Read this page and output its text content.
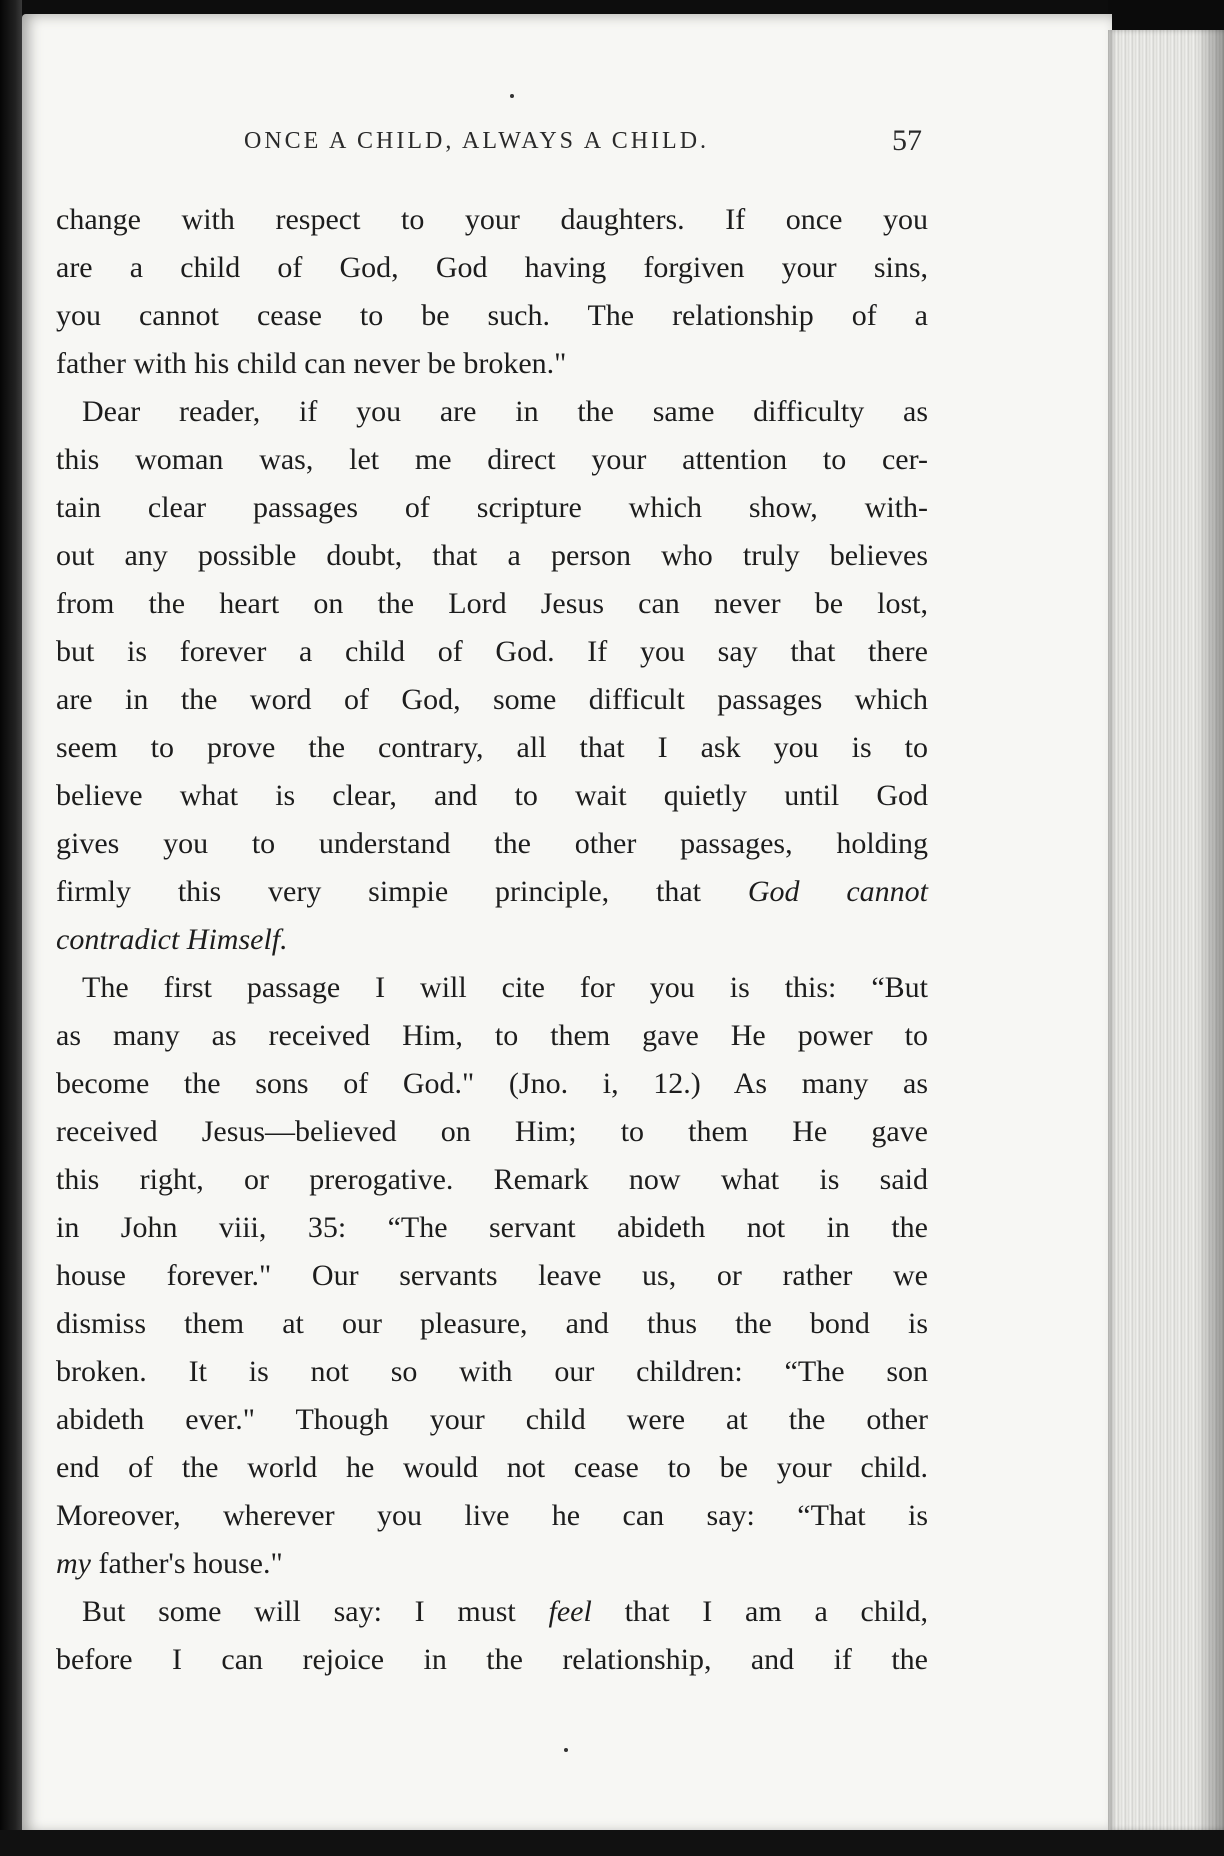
ONCE A CHILD, ALWAYS A CHILD.	57
change with respect to your daughters. If once you
are a child of God, God having forgiven your sins,
you cannot cease to be such. The relationship of a
father with his child can never be broken."
Dear reader, if you are in the same difficulty as
this woman was, let me direct your attention to cer-
tain clear passages of scripture which show, with-
out any possible doubt, that a person who truly believes
from the heart on the Lord Jesus can never be lost,
but is forever a child of God. If you say that there
are in the word of God, some difficult passages which
seem to prove the contrary, all that I ask you is to
believe what is clear, and to wait quietly until God
gives you to understand the other passages, holding
firmly this very simpie principle, that God cannot
contradict Himself.
The first passage I will cite for you is this: “But
as many as received Him, to them gave He power to
become the sons of God." (Jno. i, 12.) As many as
received Jesus—believed on Him; to them He gave
this right, or prerogative. Remark now what is said
in John viii, 35: “The servant abideth not in the
house forever." Our servants leave us, or rather we
dismiss them at our pleasure, and thus the bond is
broken. It is not so with our children: “The son
abideth ever." Though your child were at the other
end of the world he would not cease to be your child.
Moreover, wherever you live he can say: “That is
my father's house."
But some will say: I must feel that I am a child,
before I can rejoice in the relationship, and if the
